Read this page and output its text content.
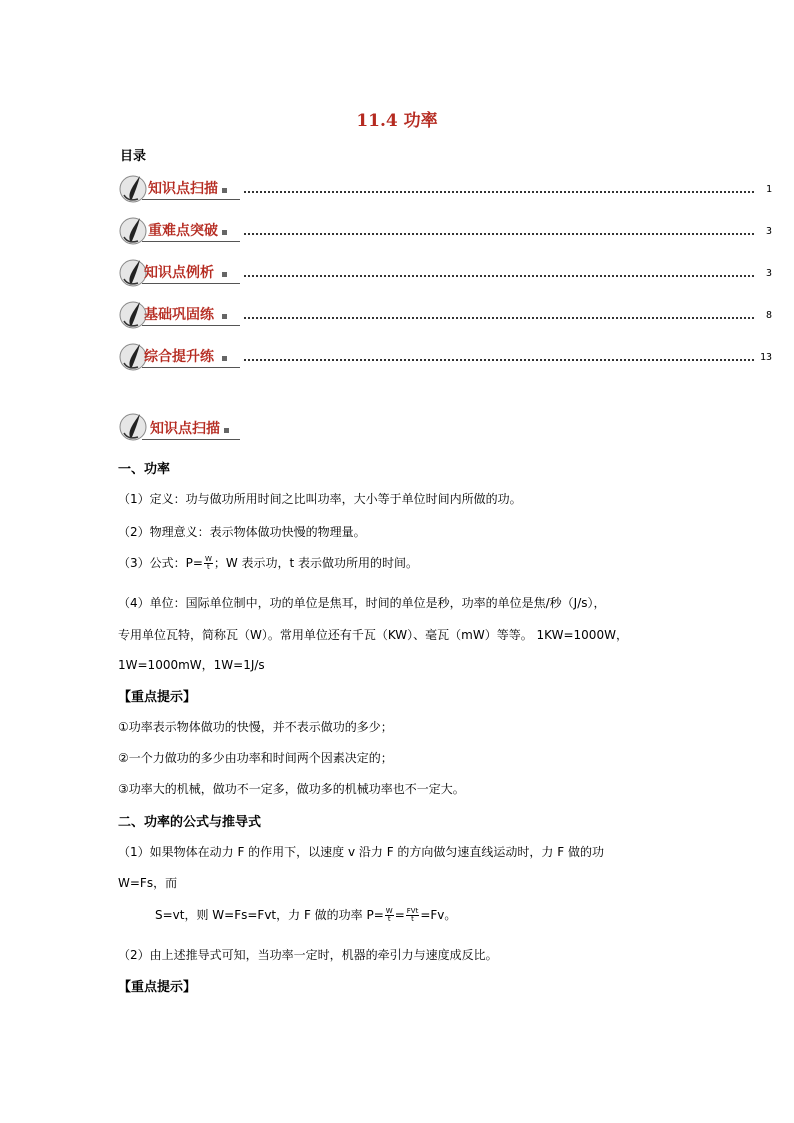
11.4 功率
目录
知识点扫描	1
重难点突破	3
知识点例析	3
基础巩固练	8
综合提升练	13
知识点扫描
一、功率
（1）定义：功与做功所用时间之比叫功率，大小等于单位时间内所做的功。
（2）物理意义：表示物体做功快慢的物理量。
（3）公式：$P= \frac{W}{t}$ ；W 表示功，t 表示做功所用的时间。
（4）单位：国际单位制中，功的单位是焦耳，时间的单位是秒，功率的单位是焦/秒（J/s），
专用单位瓦特，简称瓦（W）。常用单位还有千瓦（KW）、毫瓦（mW）等等。 1KW=1000W，
1W=1000mW，1W=1J/s
【重点提示】
①功率表示物体做功的快慢，并不表示做功的多少；
②一个力做功的多少由功率和时间两个因素决定的；
③功率大的机械，做功不一定多，做功多的机械功率也不一定大。
二、功率的公式与推导式
（1）如果物体在动力 F 的作用下，以速度 v 沿力 F 的方向做匀速直线运动时，力 F 做的功
W=Fs，而
S=vt，则 W=Fs=Fvt，力 F 做的功率 $P= \frac{W}{t} = \frac{\text{FVt}}{t} =Fv$。
（2）由上述推导式可知，当功率一定时，机器的牵引力与速度成反比。
【重点提示】
